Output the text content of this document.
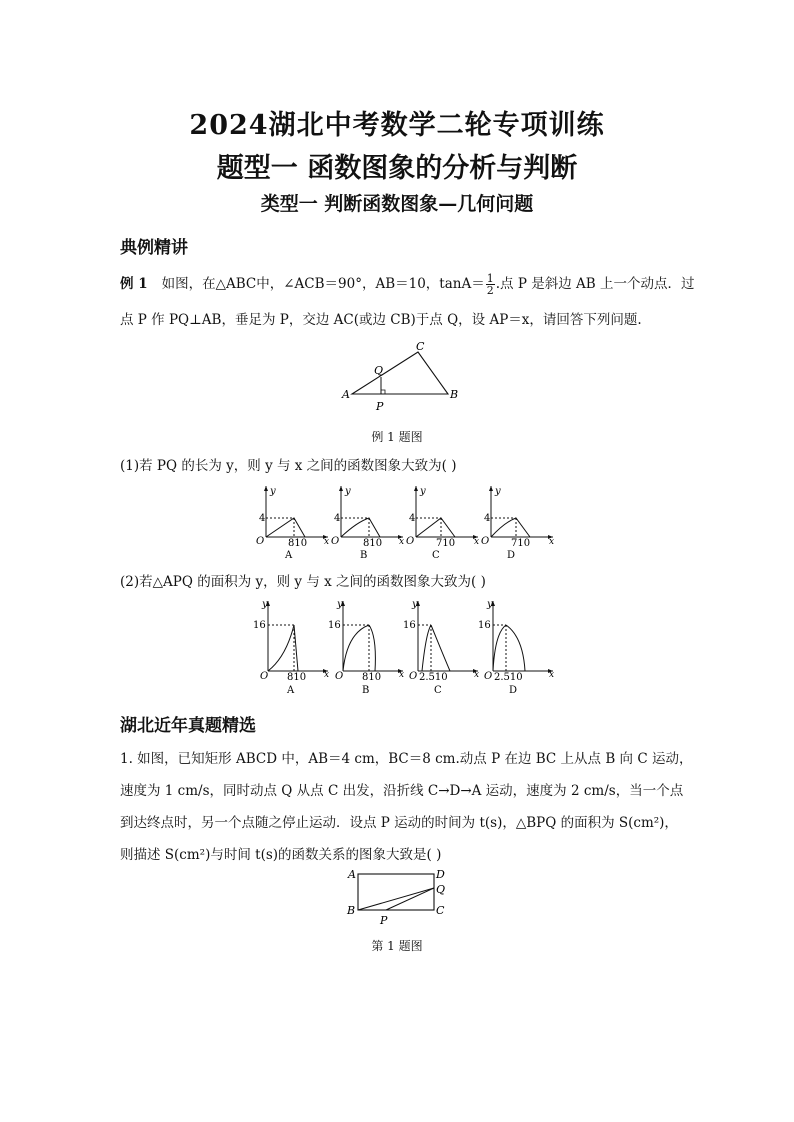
2024湖北中考数学二轮专项训练
题型一 函数图象的分析与判断
类型一 判断函数图象—几何问题
典例精讲
例 1 如图，在△ABC中，∠ACB＝90°，AB＝10，$\tan A= \frac{1}{2}$ .点 P 是斜边 AB 上一个动点．过
点 P 作 PQ⊥AB，垂足为 P，交边 AC(或边 CB)于点 Q，设 AP＝x，请回答下列问题.
A	B
C
Q
P
例 1 题图
(1)若 PQ 的长为 y，则 y 与 x 之间的函数图象大致为( )
y
4
O 810 x
A
y
4
O 810 x
B
y
4
O 710 x
C
y
4
O 710 x
D
(2)若△APQ 的面积为 y，则 y 与 x 之间的函数图象大致为( )
y
16
O 810 x
A
y
16
O 810 x
B
y
16
O 2.510	x
C
y
16
O 2.510	x
D
湖北近年真题精选
1. 如图，已知矩形 ABCD 中，AB＝4 cm，BC＝8 cm.动点 P 在边 BC 上从点 B 向 C 运动，
速度为 1 cm/s，同时动点 Q 从点 C 出发，沿折线 C→D→A 运动，速度为 2 cm/s，当一个点
到达终点时，另一个点随之停止运动．设点 P 运动的时间为 t(s)，△BPQ 的面积为 S(cm²)，
则描述 S(cm²)与时间 t(s)的函数关系的图象大致是( )
A	D
Q
B	C
P
第 1 题图
